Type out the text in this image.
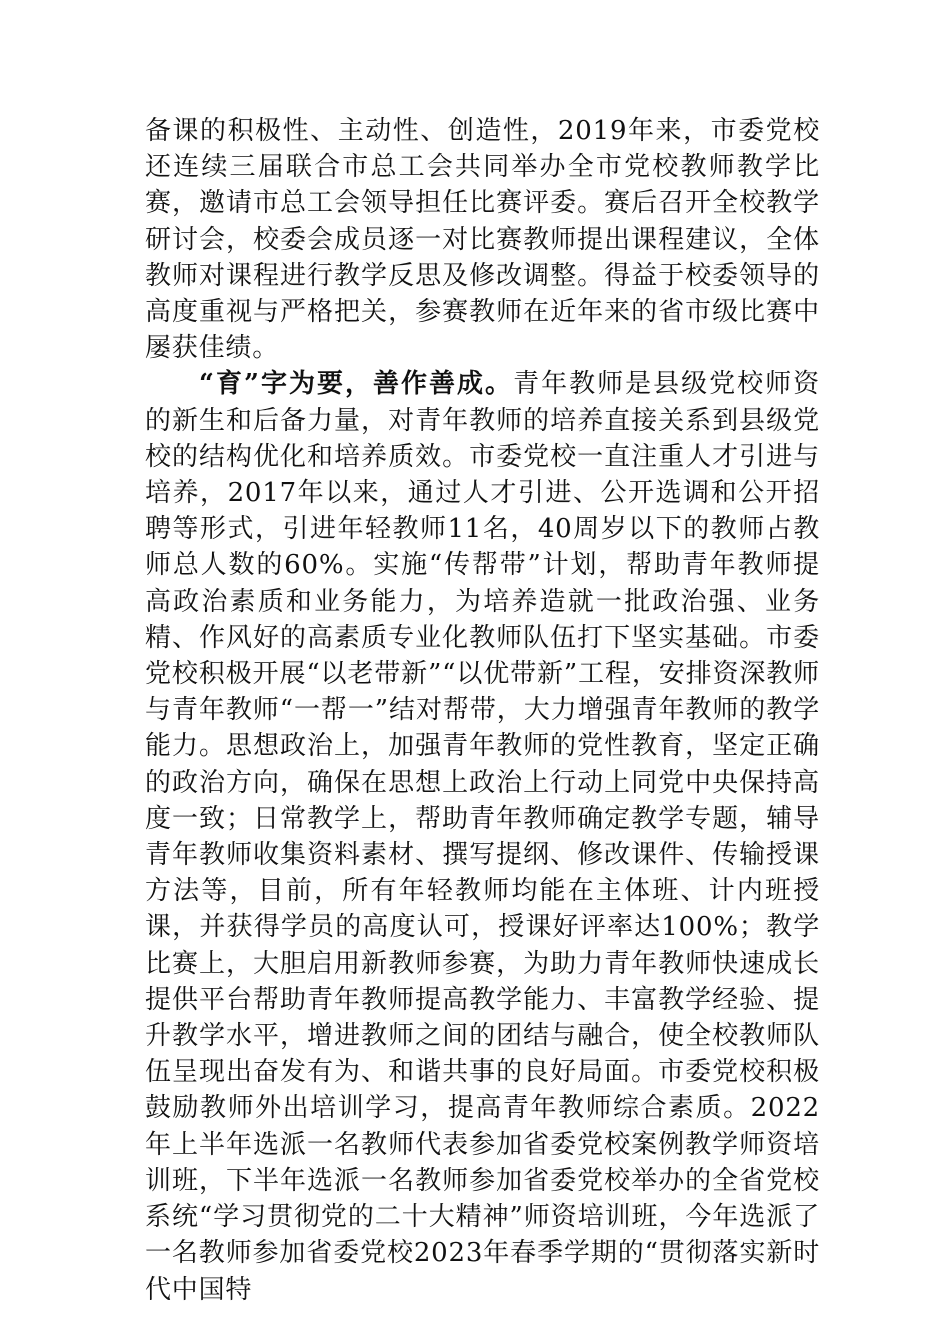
备课的积极性、主动性、创造性，2019年来，市委党校还连续三届联合市总工会共同举办全市党校教师教学比赛，邀请市总工会领导担任比赛评委。赛后召开全校教学研讨会，校委会成员逐一对比赛教师提出课程建议，全体教师对课程进行教学反思及修改调整。得益于校委领导的高度重视与严格把关，参赛教师在近年来的省市级比赛中屡获佳绩。

“育”字为要，善作善成。青年教师是县级党校师资的新生和后备力量，对青年教师的培养直接关系到县级党校的结构优化和培养质效。市委党校一直注重人才引进与培养，2017年以来，通过人才引进、公开选调和公开招聘等形式，引进年轻教师11名，40周岁以下的教师占教师总人数的60%。实施“传帮带”计划，帮助青年教师提高政治素质和业务能力，为培养造就一批政治强、业务精、作风好的高素质专业化教师队伍打下坚实基础。市委党校积极开展“以老带新”“以优带新”工程，安排资深教师与青年教师“一帮一”结对帮带，大力增强青年教师的教学能力。思想政治上，加强青年教师的党性教育，坚定正确的政治方向，确保在思想上政治上行动上同党中央保持高度一致；日常教学上，帮助青年教师确定教学专题，辅导青年教师收集资料素材、撰写提纲、修改课件、传输授课方法等，目前，所有年轻教师均能在主体班、计内班授课，并获得学员的高度认可，授课好评率达100%；教学比赛上，大胆启用新教师参赛，为助力青年教师快速成长提供平台帮助青年教师提高教学能力、丰富教学经验、提升教学水平，增进教师之间的团结与融合，使全校教师队伍呈现出奋发有为、和谐共事的良好局面。市委党校积极鼓励教师外出培训学习，提高青年教师综合素质。2022年上半年选派一名教师代表参加省委党校案例教学师资培训班，下半年选派一名教师参加省委党校举办的全省党校系统“学习贯彻党的二十大精神”师资培训班，今年选派了一名教师参加省委党校2023年春季学期的“贯彻落实新时代中国特
